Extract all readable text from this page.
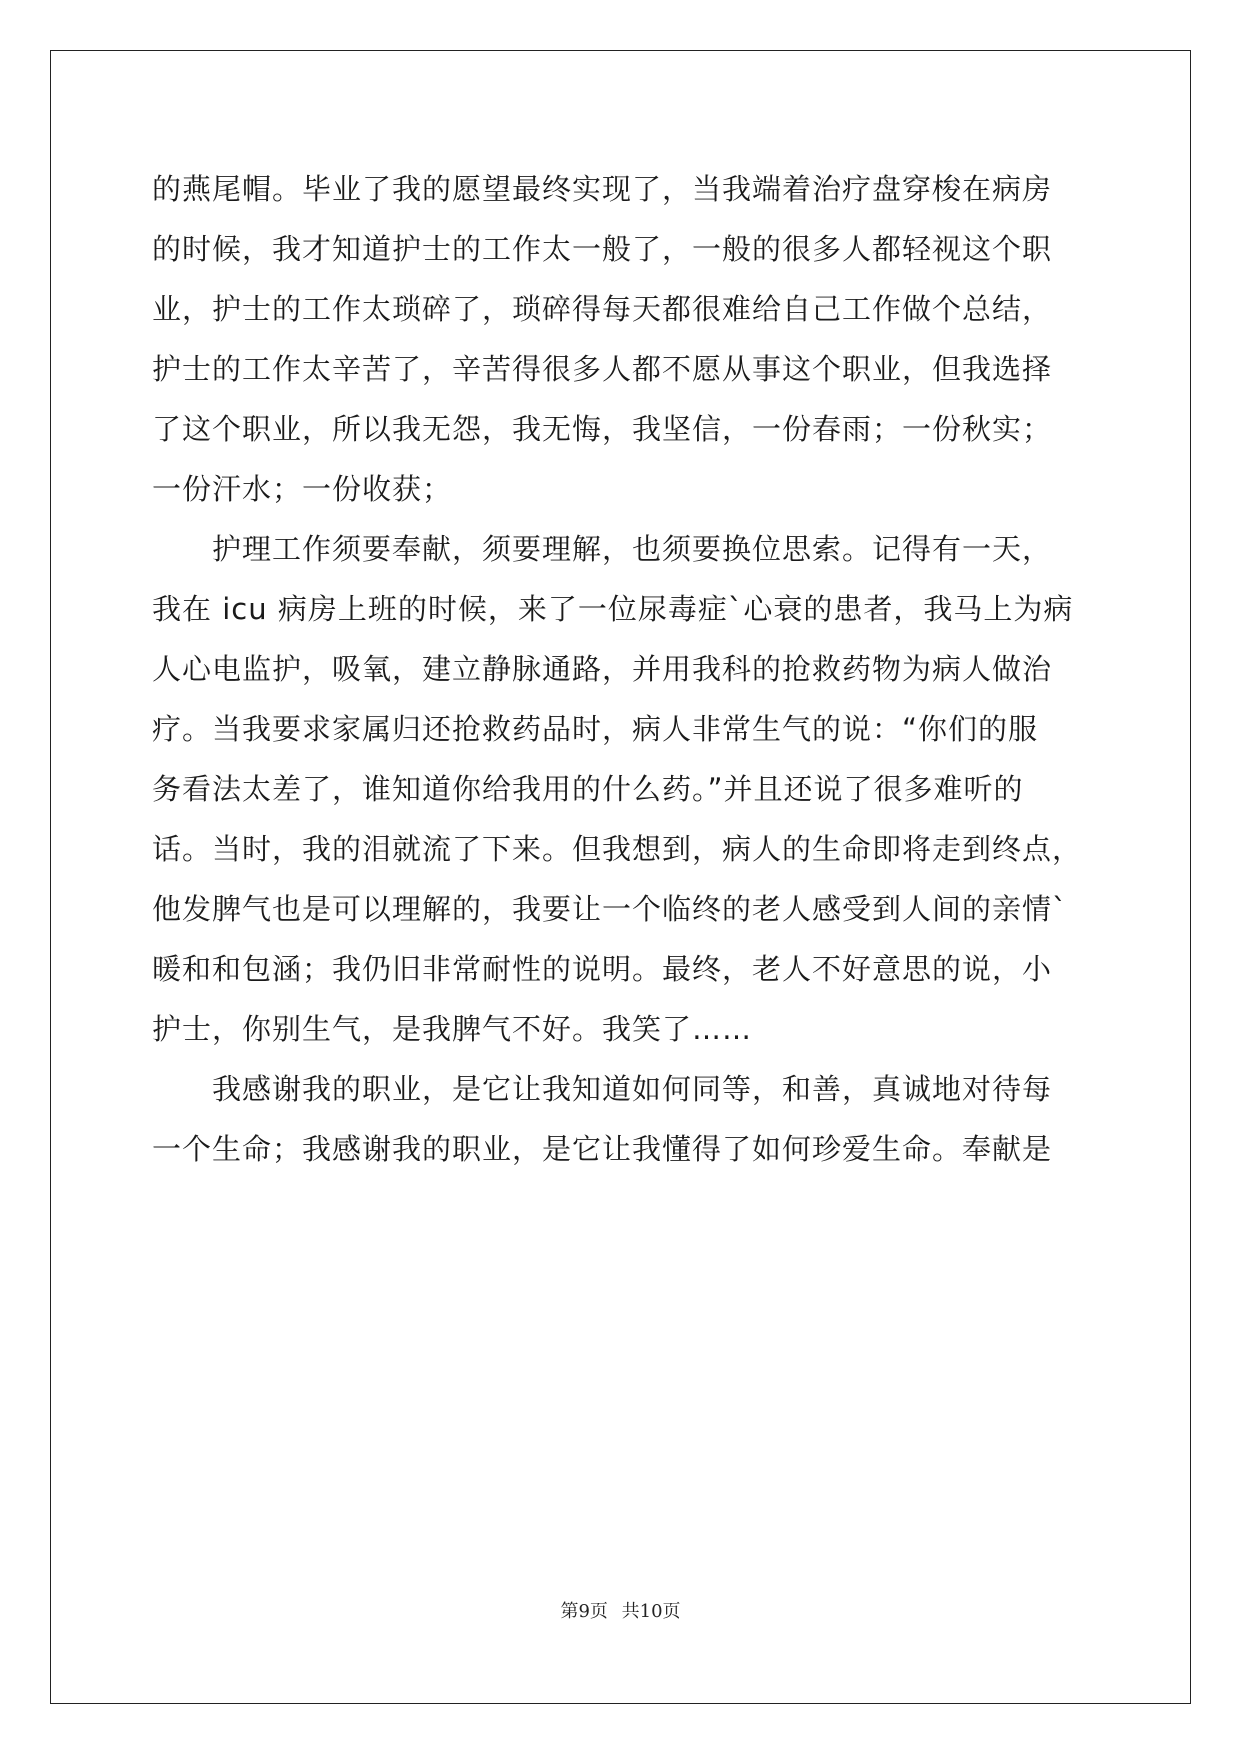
的燕尾帽。毕业了我的愿望最终实现了，当我端着治疗盘穿梭在病房
的时候，我才知道护士的工作太一般了，一般的很多人都轻视这个职
业，护士的工作太琐碎了，琐碎得每天都很难给自己工作做个总结，
护士的工作太辛苦了，辛苦得很多人都不愿从事这个职业，但我选择
了这个职业，所以我无怨，我无悔，我坚信，一份春雨；一份秋实；
一份汗水；一份收获；
护理工作须要奉献，须要理解，也须要换位思索。记得有一天，
我在 icu 病房上班的时候，来了一位尿毒症`心衰的患者，我马上为病
人心电监护，吸氧，建立静脉通路，并用我科的抢救药物为病人做治
疗。当我要求家属归还抢救药品时，病人非常生气的说：“你们的服
务看法太差了，谁知道你给我用的什么药。”并且还说了很多难听的
话。当时，我的泪就流了下来。但我想到，病人的生命即将走到终点，
他发脾气也是可以理解的，我要让一个临终的老人感受到人间的亲情`
暖和和包涵；我仍旧非常耐性的说明。最终，老人不好意思的说，小
护士，你别生气，是我脾气不好。我笑了……
我感谢我的职业，是它让我知道如何同等，和善，真诚地对待每
一个生命；我感谢我的职业，是它让我懂得了如何珍爱生命。奉献是
第9页 共10页
